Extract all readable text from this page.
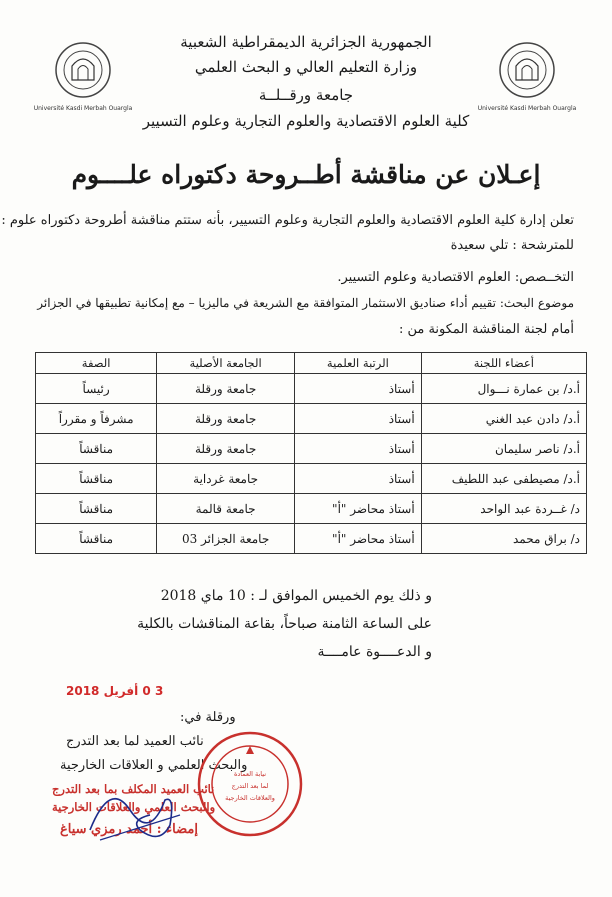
Université Kasdi Merbah Ouargla	Université Kasdi Merbah Ouargla
الجمهورية الجزائرية الديمقراطية الشعبية
وزارة التعليم العالي و البحث العلمي
جامعة ورقــلــة
كلية العلوم الاقتصادية والعلوم التجارية وعلوم التسيير
إعـلان عن مناقشة أطــروحة دكتوراه علــــوم
تعلن إدارة كلية العلوم الاقتصادية والعلوم التجارية وعلوم التسيير، بأنه ستتم مناقشة أطروحة دكتوراه علوم :
للمترشحة : تلي سعيدة
التخــصص: العلوم الاقتصادية وعلوم التسيير.
موضوع البحث: تقييم أداء صناديق الاستثمار المتوافقة مع الشريعة في ماليزيا – مع إمكانية تطبيقها في الجزائر
أمام لجنة المناقشة المكونة من :
أعضاء اللجنة	الرتبة العلمية	الجامعة الأصلية	الصفة
أ.د/ بن عمارة نـــوال	أستاذ	جامعة ورقلة	رئيساً
أ.د/ دادن عبد الغني	أستاذ	جامعة ورقلة	مشرفاً و مقرراً
أ.د/ ناصر سليمان	أستاذ	جامعة ورقلة	مناقشاً
أ.د/ مصيطفى عبد اللطيف	أستاذ	جامعة غرداية	مناقشاً
د/ غــردة عبد الواحد	أستاذ محاضر "أ"	جامعة قالمة	مناقشاً
د/ براق محمد	أستاذ محاضر "أ"	جامعة الجزائر 03	مناقشاً
و ذلك يوم الخميس الموافق لـ : 10 ماي 2018
على الساعة الثامنة صباحاً، بقاعة المناقشات بالكلية
و الدعــــوة عامــــة
3 0 أفريل 2018
ورقلة في:
نائب العميد لما بعد التدرج
والبحث العلمي و العلاقات الخارجية
نيابة العمادة
لما بعد التدرج
والعلاقات الخارجية
نائب العميد المكلف بما بعد التدرج
والبحث العلمي والعلاقات الخارجية
إمضاء : أحمد رمزي سياغ
